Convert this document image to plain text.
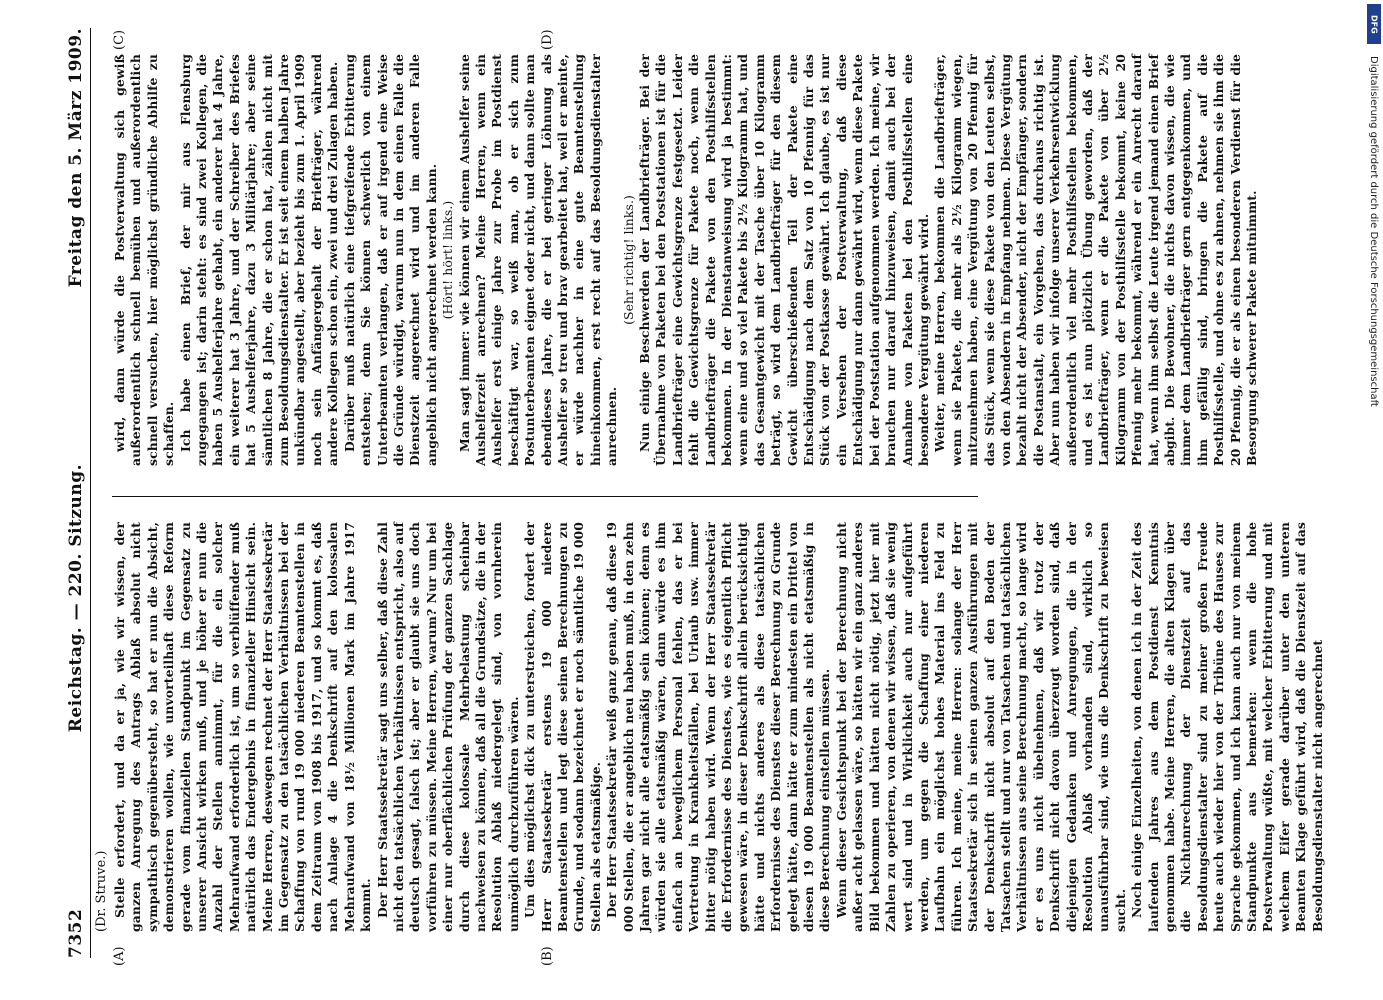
7352
Reichstag. — 220. Sitzung.
Freitag den 5. März 1909.
(Dr. Struve.)
(A)	(B)
(C)	(D)

Stelle erfordert, und da er ja, wie wir wissen, der ganzen Anregung des Antrags Ablaß absolut nicht sympathisch gegenübersteht, so hat er nun die Absicht, demonstrieren wollen, wie unvorteilhaft diese Reform gerade vom finanziellen Standpunkt im Gegensatz zu unserer Ansicht wirken muß, und je höher er nun die Anzahl der Stellen annimmt, für die ein solcher Mehraufwand erforderlich ist, um so verblüffender muß natürlich das Endergebnis in finanzieller Hinsicht sein. Meine Herren, deswegen rechnet der Herr Staatssekretär im Gegensatz zu den tatsächlichen Verhältnissen bei der Schaffung von rund 19 000 niederen Beamtenstellen in dem Zeitraum von 1908 bis 1917, und so kommt es, daß nach Anlage 4 die Denkschrift auf den kolossalen Mehraufwand von 18½ Millionen Mark im Jahre 1917 kommt. Der Herr Staatssekretär sagt uns selber, daß diese Zahl nicht den tatsächlichen Verhältnissen entspricht, also auf deutsch gesagt, falsch ist; aber er glaubt sie uns doch vorführen zu müssen. Meine Herren, warum? Nur um bei einer nur oberflächlichen Prüfung der ganzen Sachlage durch diese kolossale Mehrbelastung scheinbar nachweisen zu können, daß all die Grundsätze, die in der Resolution Ablaß niedergelegt sind, von vornherein unmöglich durchzuführen wären. Um dies möglichst dick zu unterstreichen, fordert der Herr Staatssekretär erstens 19 000 niedere Beamtenstellen und legt diese seinen Berechnungen zu Grunde, und sodann bezeichnet er noch sämtliche 19 000 Stellen als etatsmäßige. Der Herr Staatssekretär weiß ganz genau, daß diese 19 000 Stellen, die er angeblich neu haben muß, in den zehn Jahren gar nicht alle etatsmäßig sein können; denn es würden sie alle etatsmäßig wären, dann würde es ihm einfach an beweglichem Personal fehlen, das er bei Vertretung in Krankheitsfällen, bei Urlaub usw. immer bitter nötig haben wird. Wenn der Herr Staatssekretär die Erfordernisse des Dienstes, wie es eigentlich Pflicht gewesen wäre, in dieser Denkschrift allein berücksichtigt hätte und nichts anderes als diese tatsächlichen Erfordernisse des Dienstes dieser Berechnung zu Grunde gelegt hätte, dann hätte er zum mindesten ein Drittel von diesen 19 000 Beamtenstellen als nicht etatsmäßig in diese Berechnung einstellen müssen. Wenn dieser Gesichtspunkt bei der Berechnung nicht außer acht gelassen wäre, so hätten wir ein ganz anderes Bild bekommen und hätten nicht nötig, jetzt hier mit Zahlen zu operieren, von denen wir wissen, daß sie wenig wert sind und in Wirklichkeit auch nur aufgeführt werden, um gegen die Schaffung einer niederen Laufbahn ein möglichst hohes Material ins Feld zu führen. Ich meine, meine Herren: solange der Herr Staatssekretär sich in seinen ganzen Ausführungen mit der Denkschrift nicht absolut auf den Boden der Tatsachen stellt und nur von Tatsachen und tatsächlichen Verhältnissen aus seine Berechnung macht, so lange wird er es uns nicht übelnehmen, daß wir trotz der Denkschrift nicht davon überzeugt worden sind, daß diejenigen Gedanken und Anregungen, die in der Resolution Ablaß vorhanden sind, wirklich so unausführbar sind, wie uns die Denkschrift zu beweisen sucht. Noch einige Einzelheiten, von denen ich in der Zeit des laufenden Jahres aus dem Postdienst Kenntnis genommen habe. Meine Herren, die alten Klagen über die Nichtanrechnung der Dienstzeit auf das Besoldungsdienstalter sind zu meiner großen Freude heute auch wieder hier von der Tribüne des Hauses zur Sprache gekommen, und ich kann auch nur von meinem Standpunkte aus bemerken: wenn die hohe Postverwaltung wüßte, mit welcher Erbitterung und mit welchem Eifer gerade darüber unter den unteren Beamten Klage geführt wird, daß die Dienstzeit auf das Besoldungsdienstalter nicht angerechnet

wird, dann würde die Postverwaltung sich gewiß außerordentlich schnell bemühen und außerordentlich schnell versuchen, hier möglichst gründliche Abhilfe zu schaffen. Ich habe einen Brief, der mir aus Flensburg zugegangen ist; darin steht: es sind zwei Kollegen, die haben 5 Aushelferjahre gehabt, ein anderer hat 4 Jahre, ein weiterer hat 3 Jahre, und der Schreiber des Briefes hat 5 Aushelferjahre, dazu 3 Militärjahre; aber seine sämtlichen 8 Jahre, die er schon hat, zählen nicht mit zum Besoldungsdienstalter. Er ist seit einem halben Jahre unkündbar angestellt, aber bezieht bis zum 1. April 1909 noch sein Anfängergehalt der Briefträger, während andere Kollegen schon ein, zwei und drei Zulagen haben. Darüber muß natürlich eine tiefgreifende Erbitterung entstehen; denn Sie können schwerlich von einem Unterbeamten verlangen, daß er auf irgend eine Weise die Gründe würdigt, warum nun in dem einen Falle die Dienstzeit angerechnet wird und im anderen Falle angeblich nicht angerechnet werden kann. (Hört! hört! links.) Man sagt immer: wie können wir einem Aushelfer seine Aushelferzeit anrechnen? Meine Herren, wenn ein Aushelfer erst einige Jahre zur Probe im Postdienst beschäftigt war, so weiß man, ob er sich zum Postunterbeamten eignet oder nicht, und dann sollte man ebendieses Jahre, die er bei geringer Löhnung als Aushelfer so treu und brav gearbeitet hat, weil er meinte, er würde nachher in eine gute Beamtenstellung hineinkommen, erst recht auf das Besoldungsdienstalter anrechnen.

(Sehr richtig! links.) Nun einige Beschwerden der Landbriefträger. Bei der Übernahme von Paketen bei den Poststationen ist für die Landbriefträger eine Gewichtsgrenze festgesetzt. Leider fehlt die Gewichtsgrenze für Pakete noch, wenn die Landbriefträger die Pakete von den Posthilfsstellen bekommen. In der Dienstanweisung wird ja bestimmt: wenn eine und so viel Pakete bis 2½ Kilogramm hat, und das Gesamtgewicht mit der Tasche über 10 Kilogramm beträgt, so wird dem Landbriefträger für den diesem Gewicht überschießenden Teil der Pakete eine Entschädigung nach dem Satz von 10 Pfennig für das Stück von der Postkasse gewährt. Ich glaube, es ist nur ein Versehen der Postverwaltung, daß diese Entschädigung nur dann gewährt wird, wenn diese Pakete bei der Poststation aufgenommen werden. Ich meine, wir brauchen nur darauf hinzuweisen, damit auch bei der Annahme von Paketen bei den Posthilfsstellen eine besondere Vergütung gewährt wird. Weiter, meine Herren, bekommen die Landbriefträger, wenn sie Pakete, die mehr als 2½ Kilogramm wiegen, mitzunehmen haben, eine Vergütung von 20 Pfennig für das Stück, wenn sie diese Pakete von den Leuten selbst, von den Absendern in Empfang nehmen. Diese Vergütung bezahlt nicht der Absender, nicht der Empfänger, sondern die Postanstalt, ein Vorgehen, das durchaus richtig ist. Aber nun haben wir infolge unserer Verkehrsentwicklung außerordentlich viel mehr Posthilfsstellen bekommen, und es ist nun plötzlich Übung geworden, daß der Landbriefträger, wenn er die Pakete von über 2½ Kilogramm von der Posthilfsstelle bekommt, keine 20 Pfennig mehr bekommt, während er ein Anrecht darauf hat, wenn ihm selbst die Leute irgend jemand einen Brief abgibt. Die Bewohner, die nichts davon wissen, die wie immer dem Landbriefträger gern entgegenkommen, und ihm gefällig sind, bringen die Pakete auf die Posthilfsstelle, und ohne es zu ahnen, nehmen sie ihm die 20 Pfennig, die er als einen besonderen Verdienst für die Besorgung schwerer Pakete mitnimmt.

DFG
Digitalisierung gefördert durch die Deutsche Forschungsgemeinschaft
